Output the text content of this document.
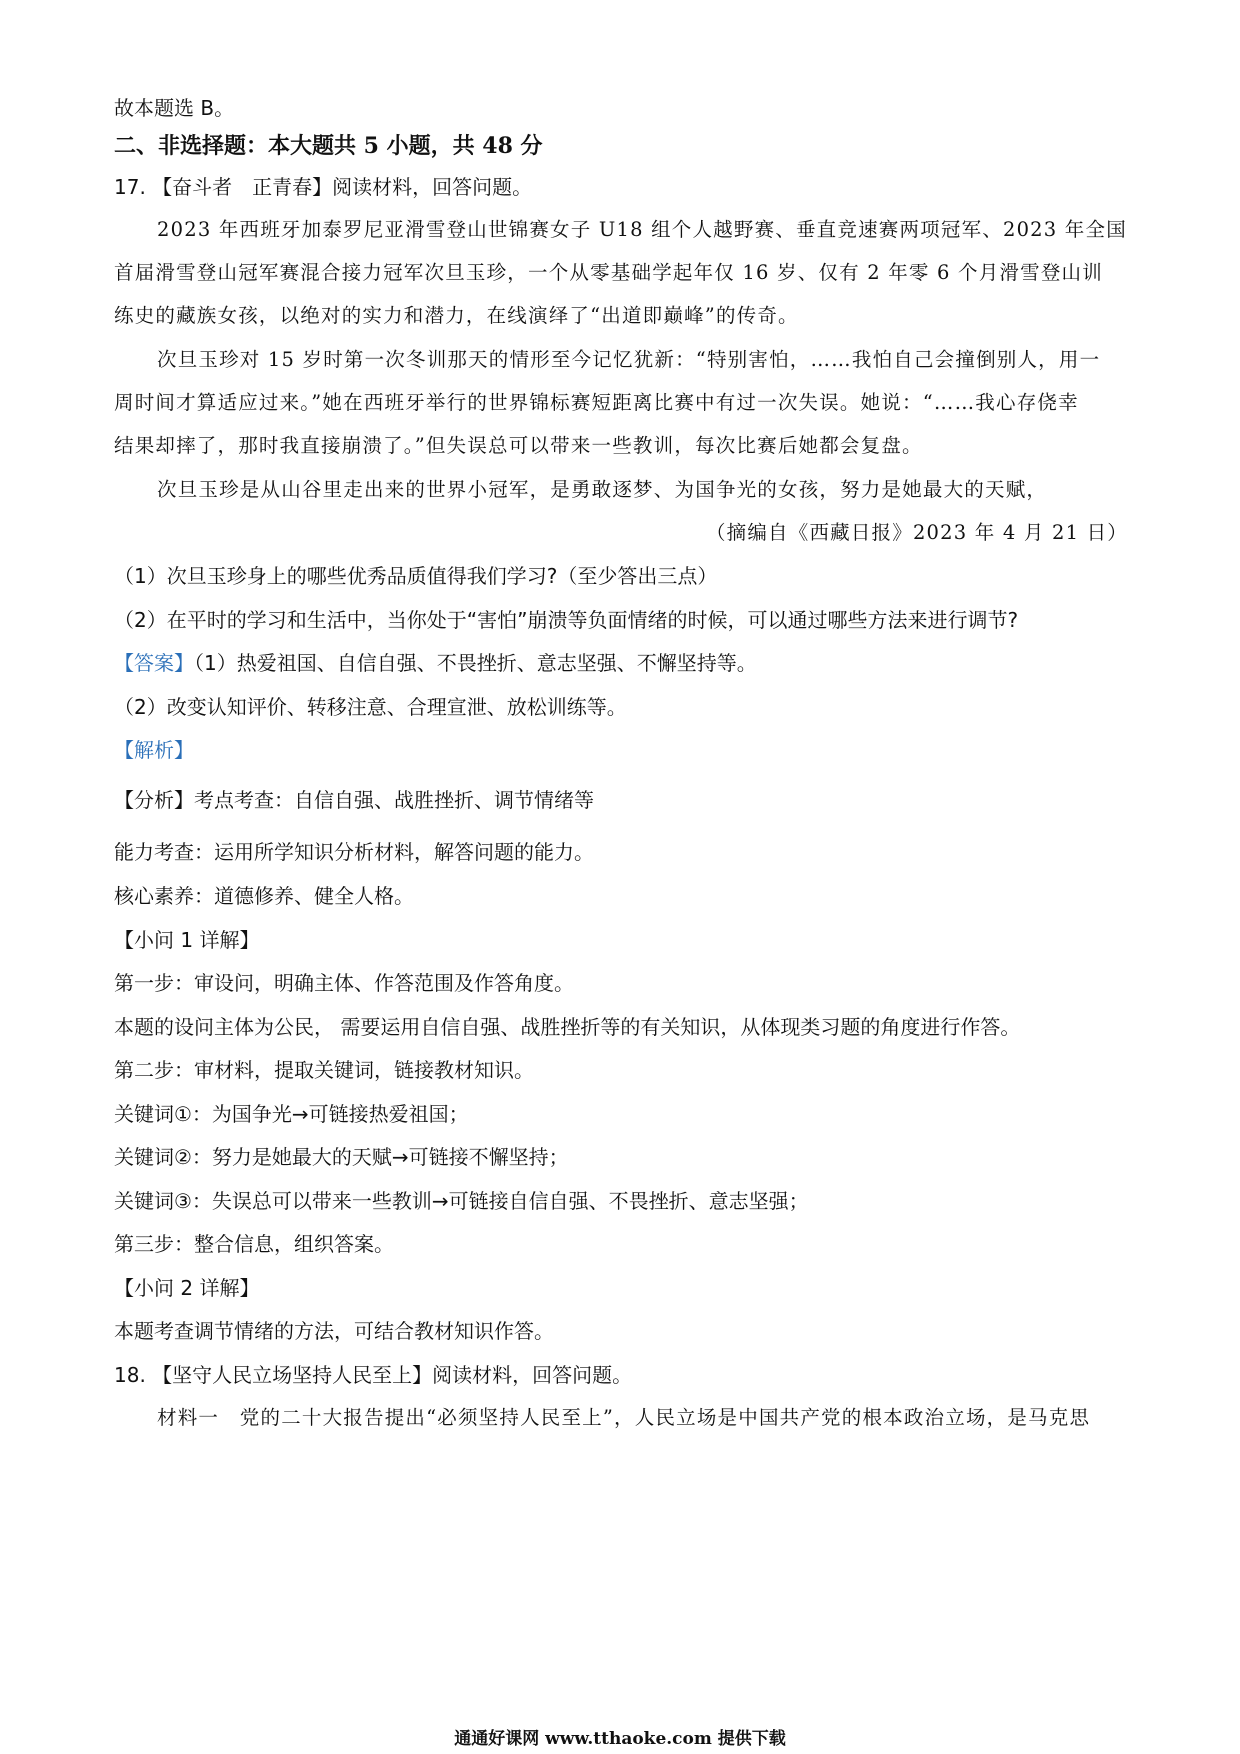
故本题选 B。
二、非选择题：本大题共 5 小题，共 48 分
17. 【奋斗者　正青春】阅读材料，回答问题。
2023 年西班牙加泰罗尼亚滑雪登山世锦赛女子 U18 组个人越野赛、垂直竞速赛两项冠军、2023 年全国
首届滑雪登山冠军赛混合接力冠军次旦玉珍，一个从零基础学起年仅 16 岁、仅有 2 年零 6 个月滑雪登山训
练史的藏族女孩，以绝对的实力和潜力，在线演绎了“出道即巅峰”的传奇。
次旦玉珍对 15 岁时第一次冬训那天的情形至今记忆犹新：“特别害怕，……我怕自己会撞倒别人，用一
周时间才算适应过来。”她在西班牙举行的世界锦标赛短距离比赛中有过一次失误。她说：“……我心存侥幸
结果却摔了，那时我直接崩溃了。”但失误总可以带来一些教训，每次比赛后她都会复盘。
次旦玉珍是从山谷里走出来的世界小冠军，是勇敢逐梦、为国争光的女孩，努力是她最大的天赋，
（摘编自《西藏日报》2023 年 4 月 21 日）
（1）次旦玉珍身上的哪些优秀品质值得我们学习?（至少答出三点）
（2）在平时的学习和生活中，当你处于“害怕”崩溃等负面情绪的时候，可以通过哪些方法来进行调节?
【答案】（1）热爱祖国、自信自强、不畏挫折、意志坚强、不懈坚持等。
（2）改变认知评价、转移注意、合理宣泄、放松训练等。
【解析】
【分析】考点考查：自信自强、战胜挫折、调节情绪等
能力考查：运用所学知识分析材料，解答问题的能力。
核心素养：道德修养、健全人格。
【小问 1 详解】
第一步：审设问，明确主体、作答范围及作答角度。
本题的设问主体为公民， 需要运用自信自强、战胜挫折等的有关知识，从体现类习题的角度进行作答。
第二步：审材料，提取关键词，链接教材知识。
关键词①：为国争光→可链接热爱祖国；
关键词②：努力是她最大的天赋→可链接不懈坚持；
关键词③：失误总可以带来一些教训→可链接自信自强、不畏挫折、意志坚强；
第三步：整合信息，组织答案。
【小问 2 详解】
本题考查调节情绪的方法，可结合教材知识作答。
18. 【坚守人民立场坚持人民至上】阅读材料，回答问题。
材料一　党的二十大报告提出“必须坚持人民至上”，人民立场是中国共产党的根本政治立场，是马克思
通通好课网 www.tthaoke.com 提供下载
